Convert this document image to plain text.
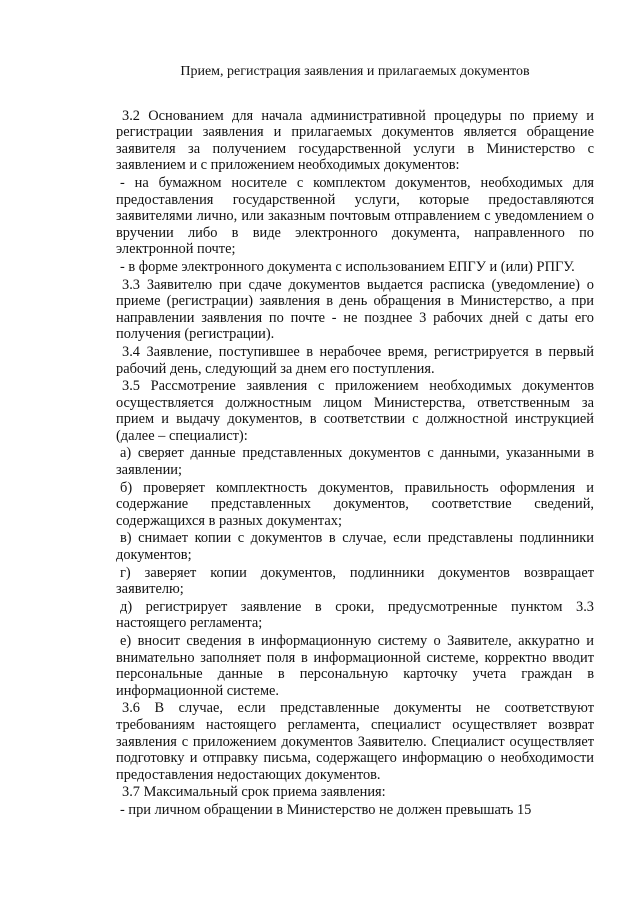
Прием, регистрация заявления и прилагаемых документов

3.2 Основанием для начала административной процедуры по приему и регистрации заявления и прилагаемых документов является обращение заявителя за получением государственной услуги в Министерство с заявлением и с приложением необходимых документов:

- на бумажном носителе с комплектом документов, необходимых для предоставления государственной услуги, которые предоставляются заявителями лично, или заказным почтовым отправлением с уведомлением о вручении либо в виде электронного документа, направленного по электронной почте;

- в форме электронного документа с использованием ЕПГУ и (или) РПГУ.

3.3 Заявителю при сдаче документов выдается расписка (уведомление) о приеме (регистрации) заявления в день обращения в Министерство, а при направлении заявления по почте - не позднее 3 рабочих дней с даты его получения (регистрации).

3.4 Заявление, поступившее в нерабочее время, регистрируется в первый рабочий день, следующий за днем его поступления.

3.5 Рассмотрение заявления с приложением необходимых документов осуществляется должностным лицом Министерства, ответственным за прием и выдачу документов, в соответствии с должностной инструкцией (далее – специалист):

а) сверяет данные представленных документов с данными, указанными в заявлении;

б) проверяет комплектность документов, правильность оформления и содержание представленных документов, соответствие сведений, содержащихся в разных документах;

в) снимает копии с документов в случае, если представлены подлинники документов;

г) заверяет копии документов, подлинники документов возвращает заявителю;

д) регистрирует заявление в сроки, предусмотренные пунктом 3.3 настоящего регламента;

е) вносит сведения в информационную систему о Заявителе, аккуратно и внимательно заполняет поля в информационной системе, корректно вводит персональные данные в персональную карточку учета граждан в информационной системе.

3.6 В случае, если представленные документы не соответствуют требованиям настоящего регламента, специалист осуществляет возврат заявления с приложением документов Заявителю. Специалист осуществляет подготовку и отправку письма, содержащего информацию о необходимости предоставления недостающих документов.

3.7 Максимальный срок приема заявления:

- при личном обращении в Министерство не должен превышать 15
